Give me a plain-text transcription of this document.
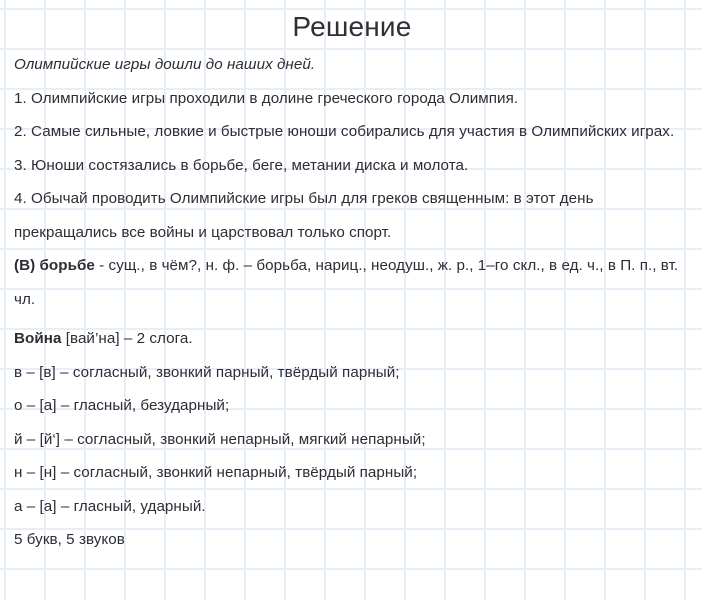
Решение
Олимпийские игры дошли до наших дней.
1. Олимпийские игры проходили в долине греческого города Олимпия.
2. Самые сильные, ловкие и быстрые юноши собирались для участия в Олимпийских играх.
3. Юноши состязались в борьбе, беге, метании диска и молота.
4. Обычай проводить Олимпийские игры был для греков священным: в этот день прекращались все войны и царствовал только спорт.
(В) борьбе - сущ., в чём?, н. ф. – борьба, нариц., неодуш., ж. р., 1–го скл., в ед. ч., в П. п., вт. чл.
Война [вай’на] – 2 слога.
в – [в] – согласный, звонкий парный, твёрдый парный;
о – [а] – гласный, безударный;
й – [й‘] – согласный, звонкий непарный, мягкий непарный;
н – [н] – согласный, звонкий непарный, твёрдый парный;
а – [а] – гласный, ударный.
5 букв, 5 звуков
